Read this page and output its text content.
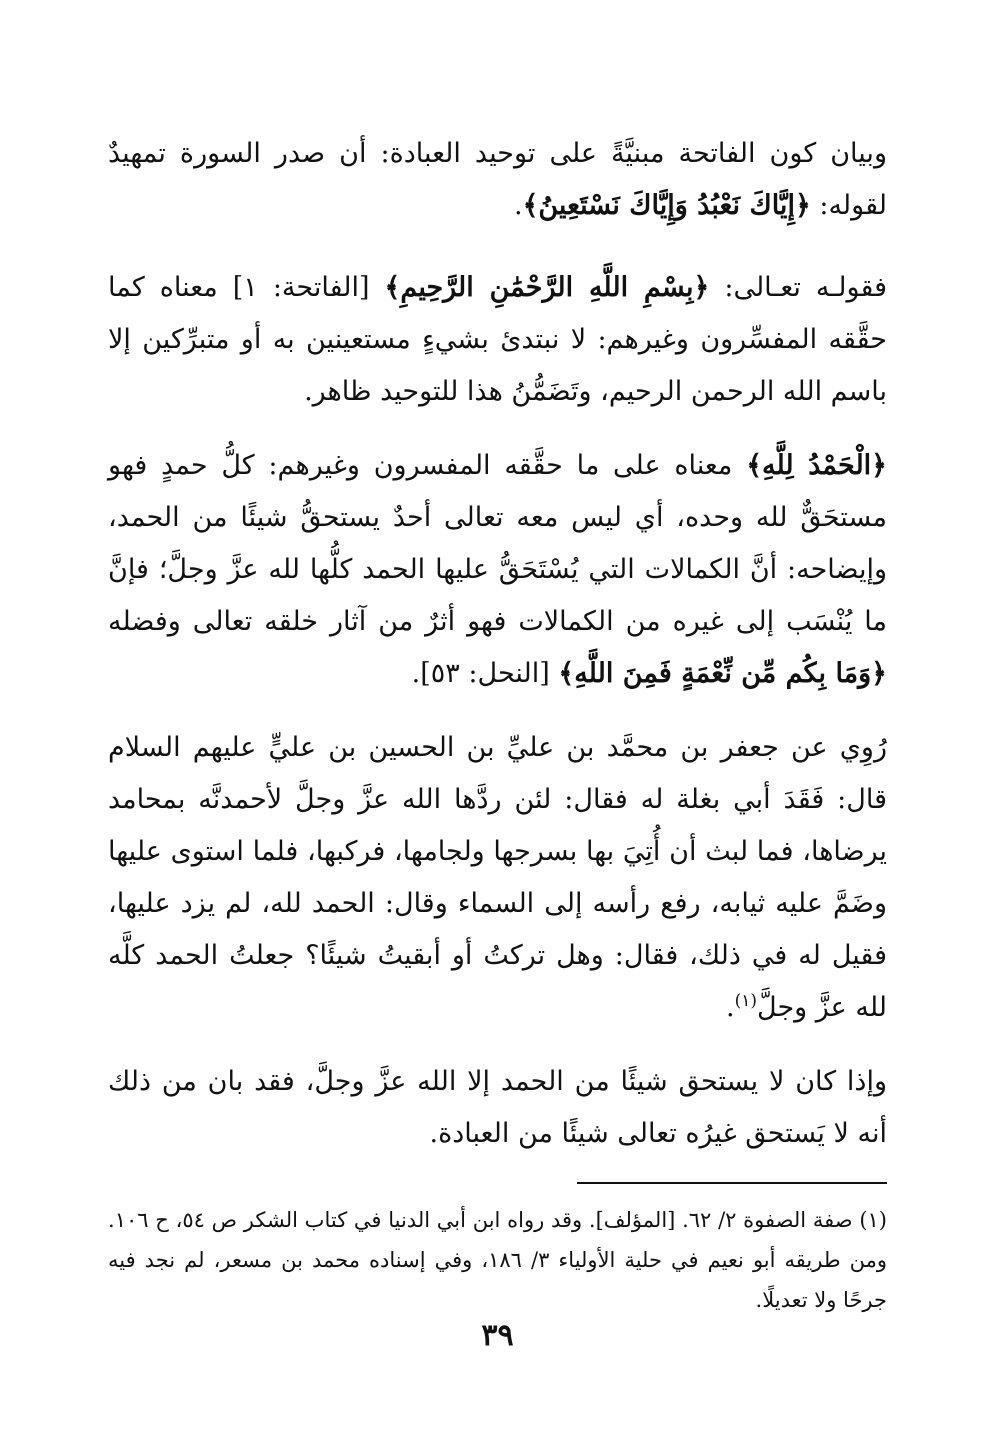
وبيان كون الفاتحة مبنيَّةً على توحيد العبادة: أن صدر السورة تمهيدٌ لقوله: ﴿إِيَّاكَ نَعْبُدُ وَإِيَّاكَ نَسْتَعِينُ﴾.

فقولـه تعـالى: ﴿بِسْمِ اللَّهِ الرَّحْمَٰنِ الرَّحِيمِ﴾ [الفاتحة: ١] معناه كما حقَّقه المفسِّرون وغيرهم: لا نبتدئ بشيءٍ مستعينين به أو متبرِّكين إلا باسم الله الرحمن الرحيم، وتَضَمُّنُ هذا للتوحيد ظاهر.

﴿الْحَمْدُ لِلَّهِ﴾ معناه على ما حقَّقه المفسرون وغيرهم: كلُّ حمدٍ فهو مستحَقٌّ لله وحده، أي ليس معه تعالى أحدٌ يستحقُّ شيئًا من الحمد، وإيضاحه: أنَّ الكمالات التي يُسْتَحَقُّ عليها الحمد كلُّها لله عزَّ وجلَّ؛ فإنَّ ما يُنْسَب إلى غيره من الكمالات فهو أثرٌ من آثار خلقه تعالى وفضله ﴿وَمَا بِكُم مِّن نِّعْمَةٍ فَمِنَ اللَّهِ﴾ [النحل: ٥٣].

رُوِي عن جعفر بن محمَّد بن عليِّ بن الحسين بن عليٍّ عليهم السلام قال: فَقَدَ أبي بغلة له فقال: لئن ردَّها الله عزَّ وجلَّ لأحمدنَّه بمحامد يرضاها، فما لبث أن أُتِيَ بها بسرجها ولجامها، فركبها، فلما استوى عليها وضَمَّ عليه ثيابه، رفع رأسه إلى السماء وقال: الحمد لله، لم يزد عليها، فقيل له في ذلك، فقال: وهل تركتُ أو أبقيتُ شيئًا؟ جعلتُ الحمد كلَّه لله عزَّ وجلَّ$^{(١)}$.

وإذا كان لا يستحق شيئًا من الحمد إلا الله عزَّ وجلَّ، فقد بان من ذلك أنه لا يَستحق غيرُه تعالى شيئًا من العبادة.

(١) صفة الصفوة ٢/ ٦٢. [المؤلف]. وقد رواه ابن أبي الدنيا في كتاب الشكر ص ٥٤، ح ١٠٦. ومن طريقه أبو نعيم في حلية الأولياء ٣/ ١٨٦، وفي إسناده محمد بن مسعر، لم نجد فيه جرحًا ولا تعديلًا.
٣٩
